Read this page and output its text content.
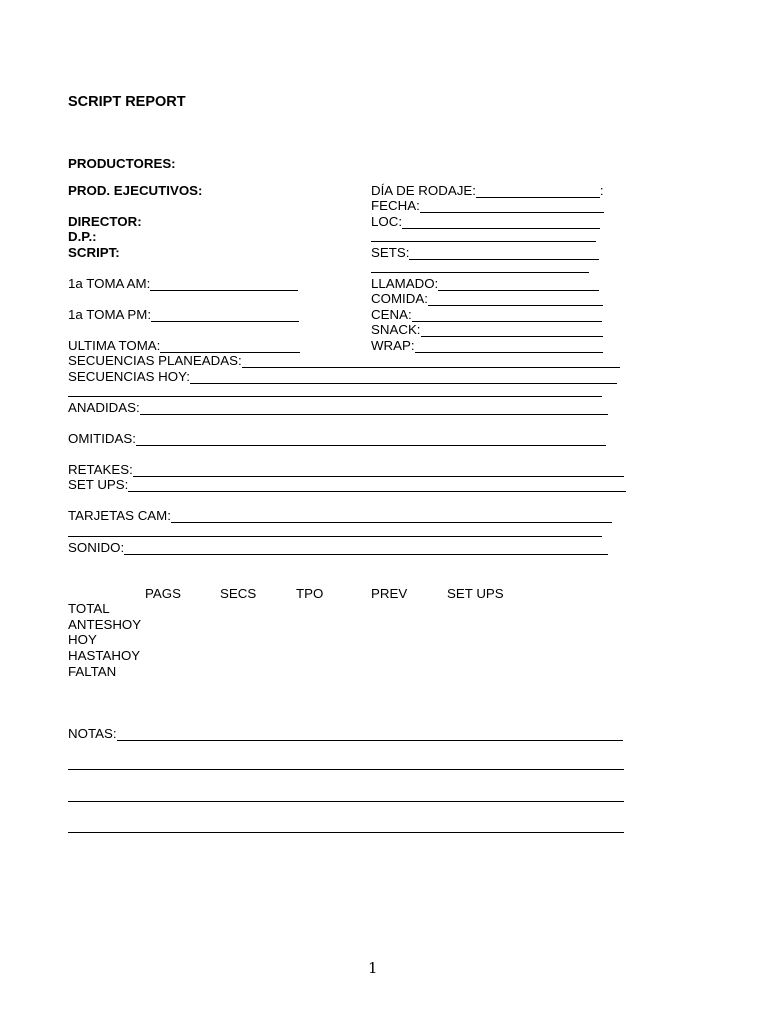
SCRIPT REPORT
PRODUCTORES:
PROD. EJECUTIVOS:
DIRECTOR:
D.P.:
SCRIPT:
1a TOMA AM:
1a TOMA PM:
ULTIMA TOMA:
DÍA DE RODAJE:	:
FECHA:
LOC:
SETS:
LLAMADO:
COMIDA:
CENA:
SNACK:
WRAP:
SECUENCIAS PLANEADAS:
SECUENCIAS HOY:
ANADIDAS:
OMITIDAS:
RETAKES:
SET UPS:
TARJETAS CAM:
SONIDO:
PAGS	SECS	TPO	PREV	SET UPS
TOTAL
ANTESHOY
HOY
HASTAHOY
FALTAN
NOTAS:
1
